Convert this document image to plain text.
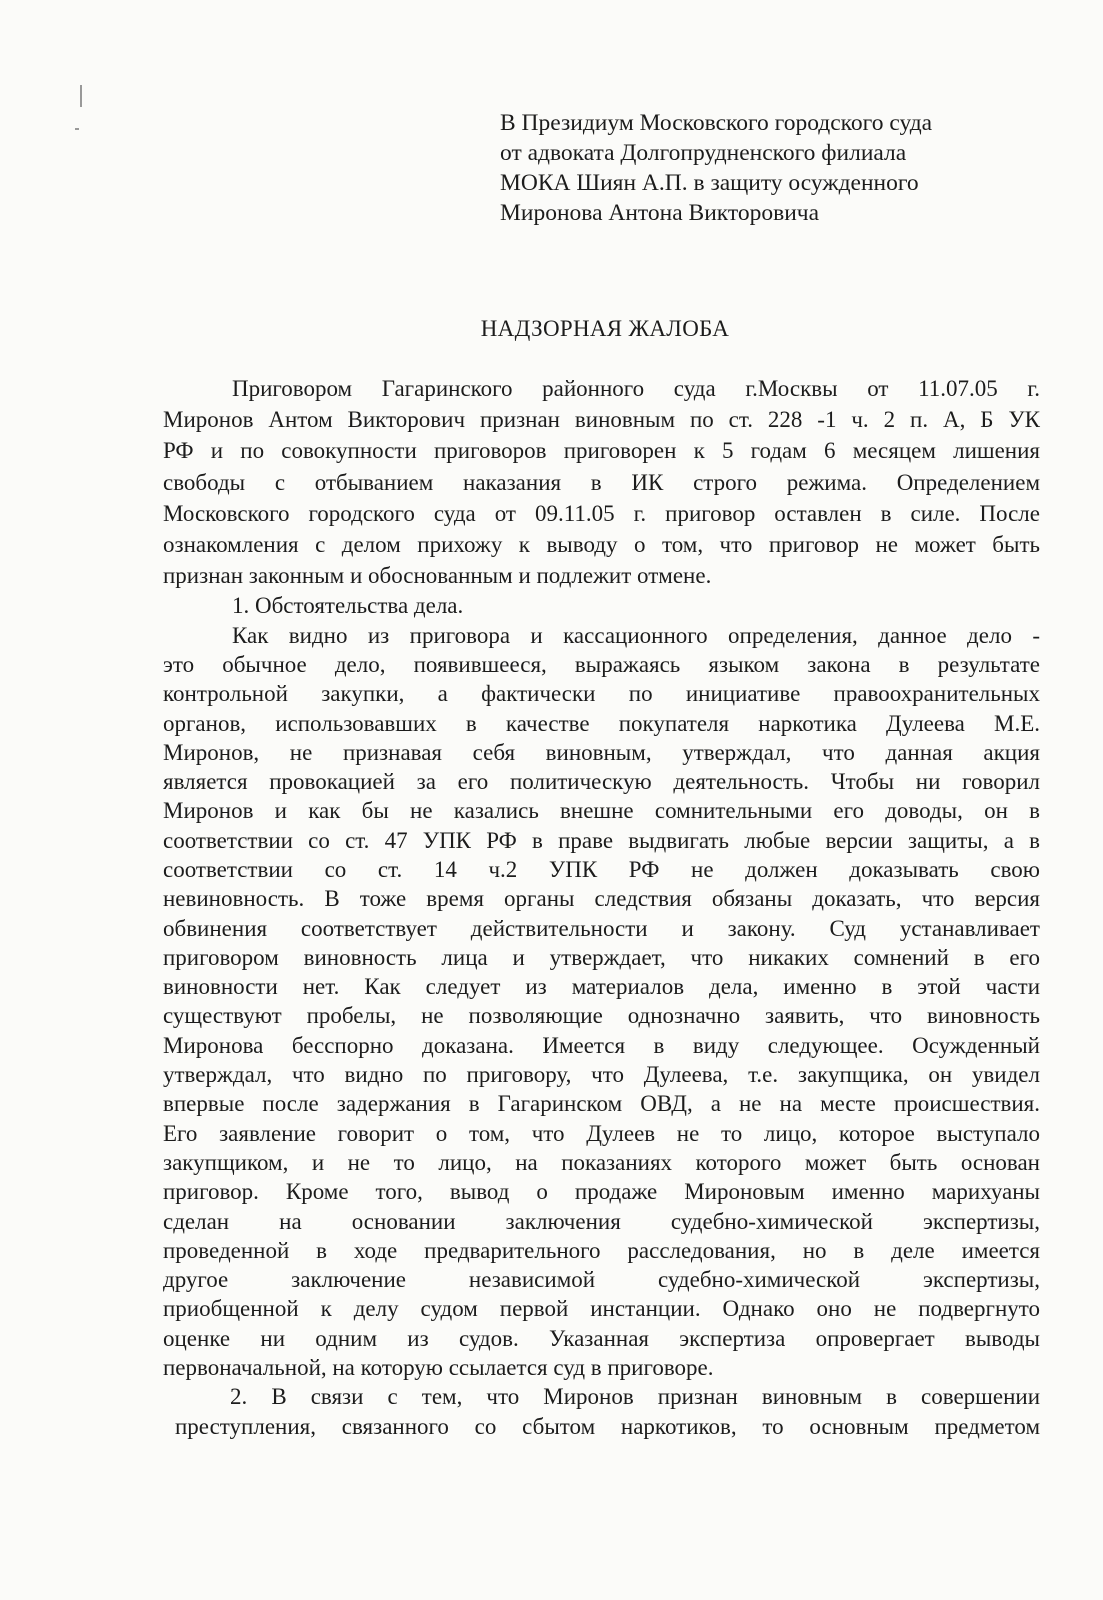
В Президиум Московского городского суда
от адвоката Долгопрудненского филиала
МОКА Шиян А.П. в защиту осужденного
Миронова Антона Викторовича
НАДЗОРНАЯ ЖАЛОБА
Приговором Гагаринского районного суда г.Москвы от 11.07.05 г.
Миронов Антом Викторович признан виновным по ст. 228 -1 ч. 2 п. А, Б УК
РФ и по совокупности приговоров приговорен к 5 годам 6 месяцем лишения
свободы с отбыванием наказания в ИК строго режима. Определением
Московского городского суда от 09.11.05 г. приговор оставлен в силе. После
ознакомления с делом прихожу к выводу о том, что приговор не может быть
признан законным и обоснованным и подлежит отмене.
1. Обстоятельства дела.
Как видно из приговора и кассационного определения, данное дело -
это обычное дело, появившееся, выражаясь языком закона в результате
контрольной закупки, а фактически по инициативе правоохранительных
органов, использовавших в качестве покупателя наркотика Дулеева М.Е.
Миронов, не признавая себя виновным, утверждал, что данная акция
является провокацией за его политическую деятельность. Чтобы ни говорил
Миронов и как бы не казались внешне сомнительными его доводы, он в
соответствии со ст. 47 УПК РФ в праве выдвигать любые версии защиты, а в
соответствии со ст. 14 ч.2 УПК РФ не должен доказывать свою
невиновность. В тоже время органы следствия обязаны доказать, что версия
обвинения соответствует действительности и закону. Суд устанавливает
приговором виновность лица и утверждает, что никаких сомнений в его
виновности нет. Как следует из материалов дела, именно в этой части
существуют пробелы, не позволяющие однозначно заявить, что виновность
Миронова бесспорно доказана. Имеется в виду следующее. Осужденный
утверждал, что видно по приговору, что Дулеева, т.е. закупщика, он увидел
впервые после задержания в Гагаринском ОВД, а не на месте происшествия.
Его заявление говорит о том, что Дулеев не то лицо, которое выступало
закупщиком, и не то лицо, на показаниях которого может быть основан
приговор. Кроме того, вывод о продаже Мироновым именно марихуаны
сделан на основании заключения судебно-химической экспертизы,
проведенной в ходе предварительного расследования, но в деле имеется
другое заключение независимой судебно-химической экспертизы,
приобщенной к делу судом первой инстанции. Однако оно не подвергнуто
оценке ни одним из судов. Указанная экспертиза опровергает выводы
первоначальной, на которую ссылается суд в приговоре.
2. В связи с тем, что Миронов признан виновным в совершении
преступления, связанного со сбытом наркотиков, то основным предметом
